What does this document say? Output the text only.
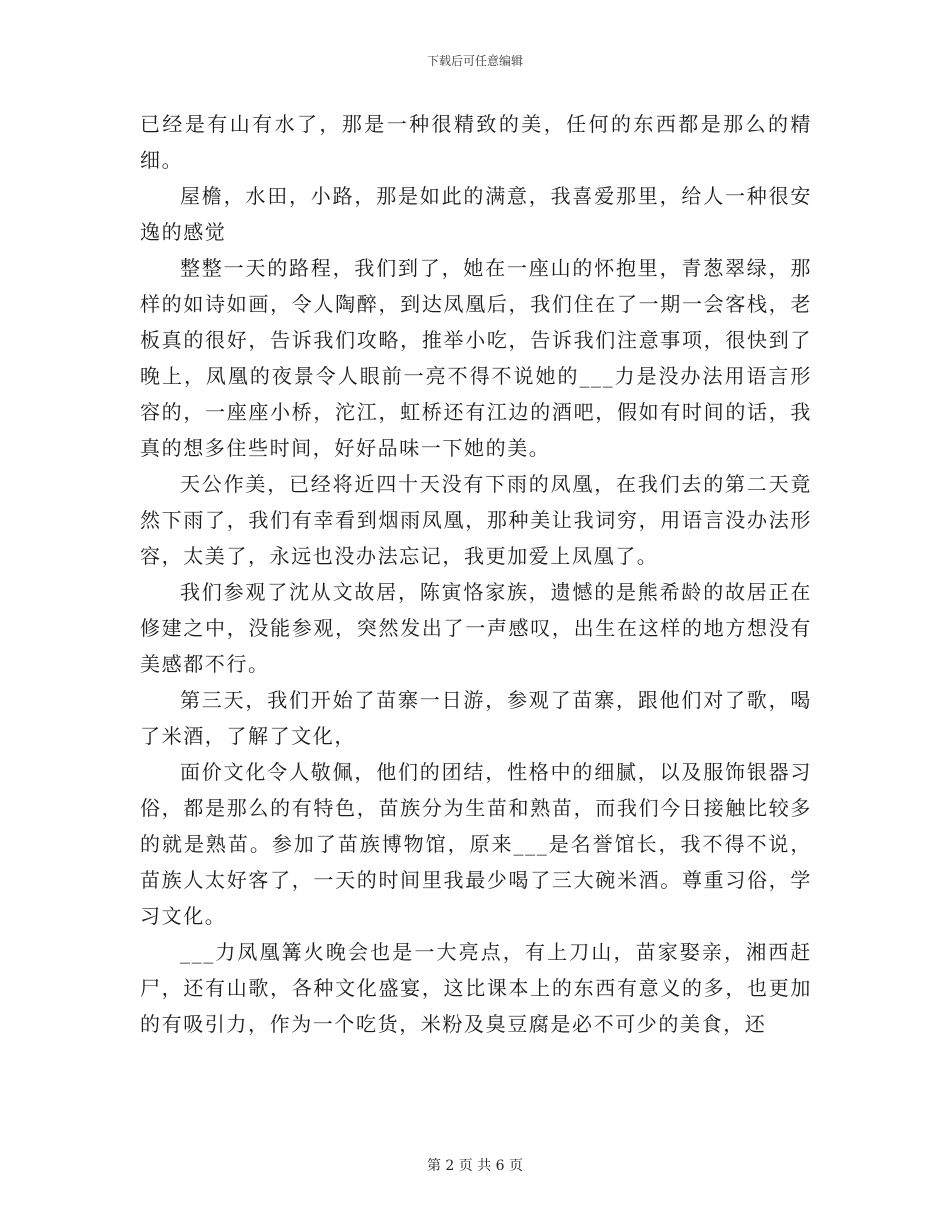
下载后可任意编辑

已经是有山有水了，那是一种很精致的美，任何的东西都是那么的精细。

屋檐，水田，小路，那是如此的满意，我喜爱那里，给人一种很安逸的感觉

整整一天的路程，我们到了，她在一座山的怀抱里，青葱翠绿，那样的如诗如画，令人陶醉，到达凤凰后，我们住在了一期一会客栈，老板真的很好，告诉我们攻略，推举小吃，告诉我们注意事项，很快到了晚上，凤凰的夜景令人眼前一亮不得不说她的___力是没办法用语言形容的，一座座小桥，沱江，虹桥还有江边的酒吧，假如有时间的话，我真的想多住些时间，好好品味一下她的美。

天公作美，已经将近四十天没有下雨的凤凰，在我们去的第二天竟然下雨了，我们有幸看到烟雨凤凰，那种美让我词穷，用语言没办法形容，太美了，永远也没办法忘记，我更加爱上凤凰了。

我们参观了沈从文故居，陈寅恪家族，遗憾的是熊希龄的故居正在修建之中，没能参观，突然发出了一声感叹，出生在这样的地方想没有美感都不行。

第三天，我们开始了苗寨一日游，参观了苗寨，跟他们对了歌，喝了米酒，了解了文化，

面价文化令人敬佩，他们的团结，性格中的细腻，以及服饰银器习俗，都是那么的有特色，苗族分为生苗和熟苗，而我们今日接触比较多的就是熟苗。参加了苗族博物馆，原来___是名誉馆长，我不得不说，苗族人太好客了，一天的时间里我最少喝了三大碗米酒。尊重习俗，学习文化。

___力凤凰篝火晚会也是一大亮点，有上刀山，苗家娶亲，湘西赶尸，还有山歌，各种文化盛宴，这比课本上的东西有意义的多，也更加的有吸引力，作为一个吃货，米粉及臭豆腐是必不可少的美食，还

第 2 页 共 6 页
